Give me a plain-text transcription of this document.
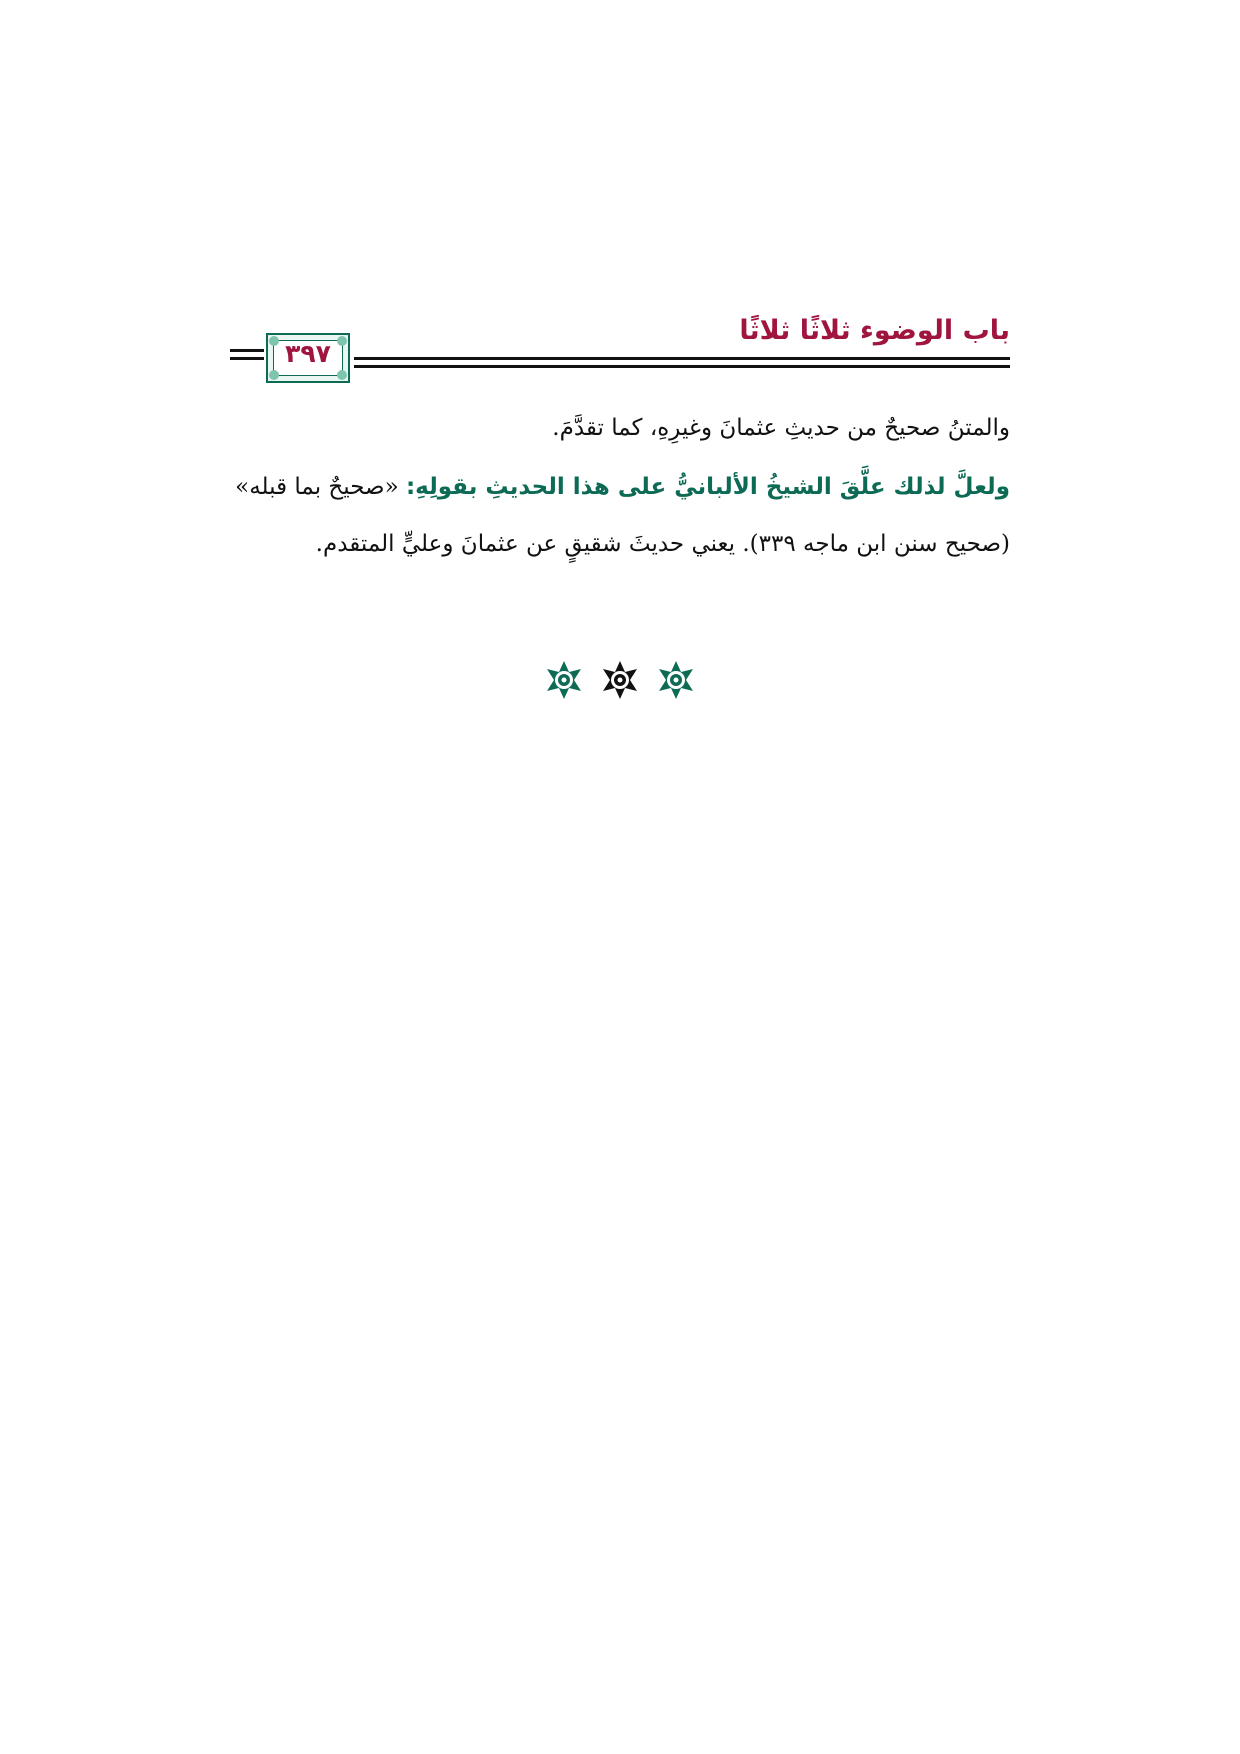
باب الوضوء ثلاثًا ثلاثًا
٣٩٧
والمتنُ صحيحٌ من حديثِ عثمانَ وغيرِهِ، كما تقدَّمَ.
ولعلَّ لذلك علَّقَ الشيخُ الألبانيُّ على هذا الحديثِ بقولِهِ: «صحيحٌ بما قبله»
(صحيح سنن ابن ماجه ٣٣٩). يعني حديثَ شقيقٍ عن عثمانَ وعليٍّ المتقدم.
